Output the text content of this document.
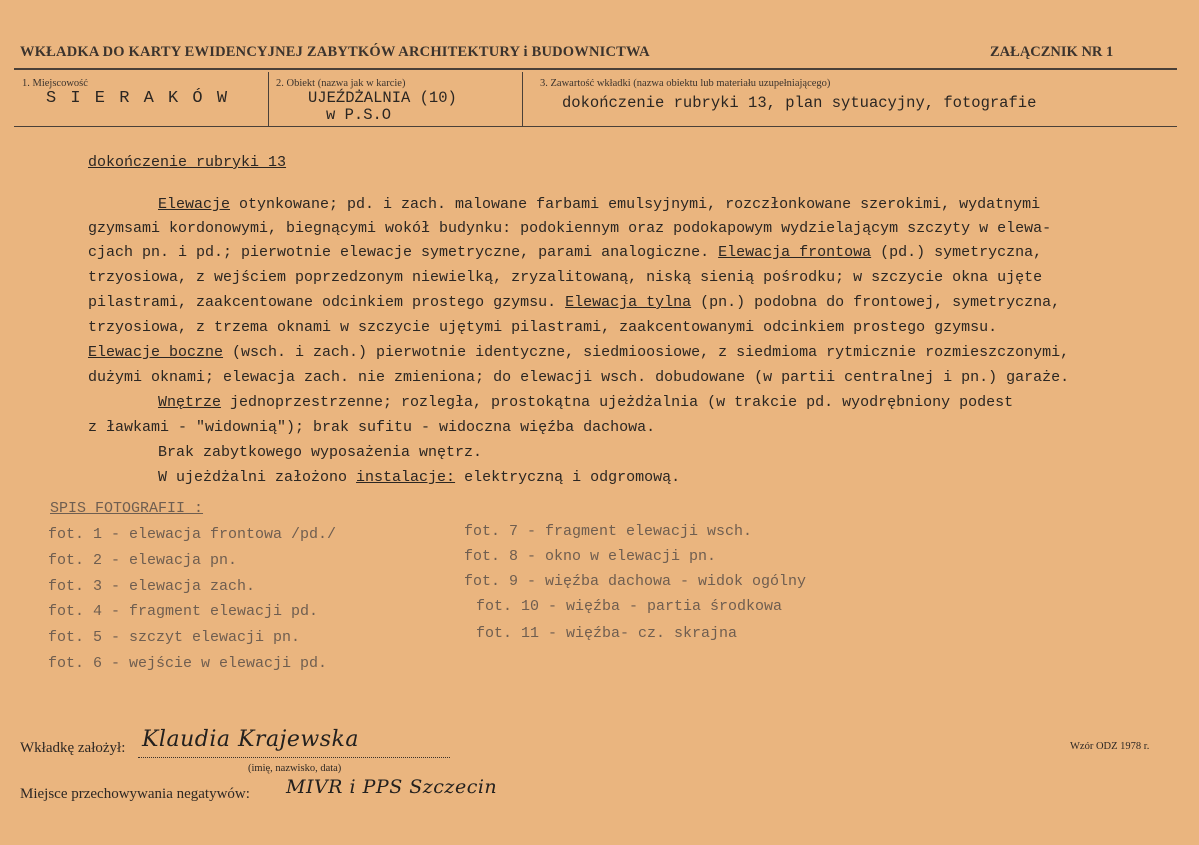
WKŁADKA DO KARTY EWIDENCYJNEJ ZABYTKÓW ARCHITEKTURY i BUDOWNICTWA	ZAŁĄCZNIK NR 1
1. Miejscowość
S I E R A K Ó W
2. Obiekt (nazwa jak w karcie)
UJEŹDŻALNIA (10)
w P.S.O
3. Zawartość wkładki (nazwa obiektu lub materiału uzupełniającego)
dokończenie rubryki 13, plan sytuacyjny, fotografie
dokończenie rubryki 13
Elewacje otynkowane; pd. i zach. malowane farbami emulsyjnymi, rozczłonkowane szerokimi, wydatnymi
gzymsami kordonowymi, biegnącymi wokół budynku: podokiennym oraz podokapowym wydzielającym szczyty w elewa-
cjach pn. i pd.; pierwotnie elewacje symetryczne, parami analogiczne. Elewacja frontowa (pd.) symetryczna,
trzyosiowa, z wejściem poprzedzonym niewielką, zryzalitowaną, niską sienią pośrodku; w szczycie okna ujęte
pilastrami, zaakcentowane odcinkiem prostego gzymsu. Elewacja tylna (pn.) podobna do frontowej, symetryczna,
trzyosiowa, z trzema oknami w szczycie ujętymi pilastrami, zaakcentowanymi odcinkiem prostego gzymsu.
Elewacje boczne (wsch. i zach.) pierwotnie identyczne, siedmioosiowe, z siedmioma rytmicznie rozmieszczonymi,
dużymi oknami; elewacja zach. nie zmieniona; do elewacji wsch. dobudowane (w partii centralnej i pn.) garaże.
Wnętrze jednoprzestrzenne; rozległa, prostokątna ujeżdżalnia (w trakcie pd. wyodrębniony podest
z ławkami - "widownią"); brak sufitu - widoczna więźba dachowa.
Brak zabytkowego wyposażenia wnętrz.
W ujeżdżalni założono instalacje: elektryczną i odgromową.
SPIS FOTOGRAFII :
fot. 1 - elewacja frontowa /pd./
fot. 2 - elewacja pn.
fot. 3 - elewacja zach.
fot. 4 - fragment elewacji pd.
fot. 5 - szczyt elewacji pn.
fot. 6 - wejście w elewacji pd.
fot. 7 - fragment elewacji wsch.
fot. 8 - okno w elewacji pn.
fot. 9 - więźba dachowa - widok ogólny
fot. 10 - więźba - partia środkowa
fot. 11 - więźba- cz. skrajna
Wkładkę założył: Klaudia Krajewska
(imię, nazwisko, data)
Wzór ODZ 1978 r.
Miejsce przechowywania negatywów: MIVR i PPS Szczecin
